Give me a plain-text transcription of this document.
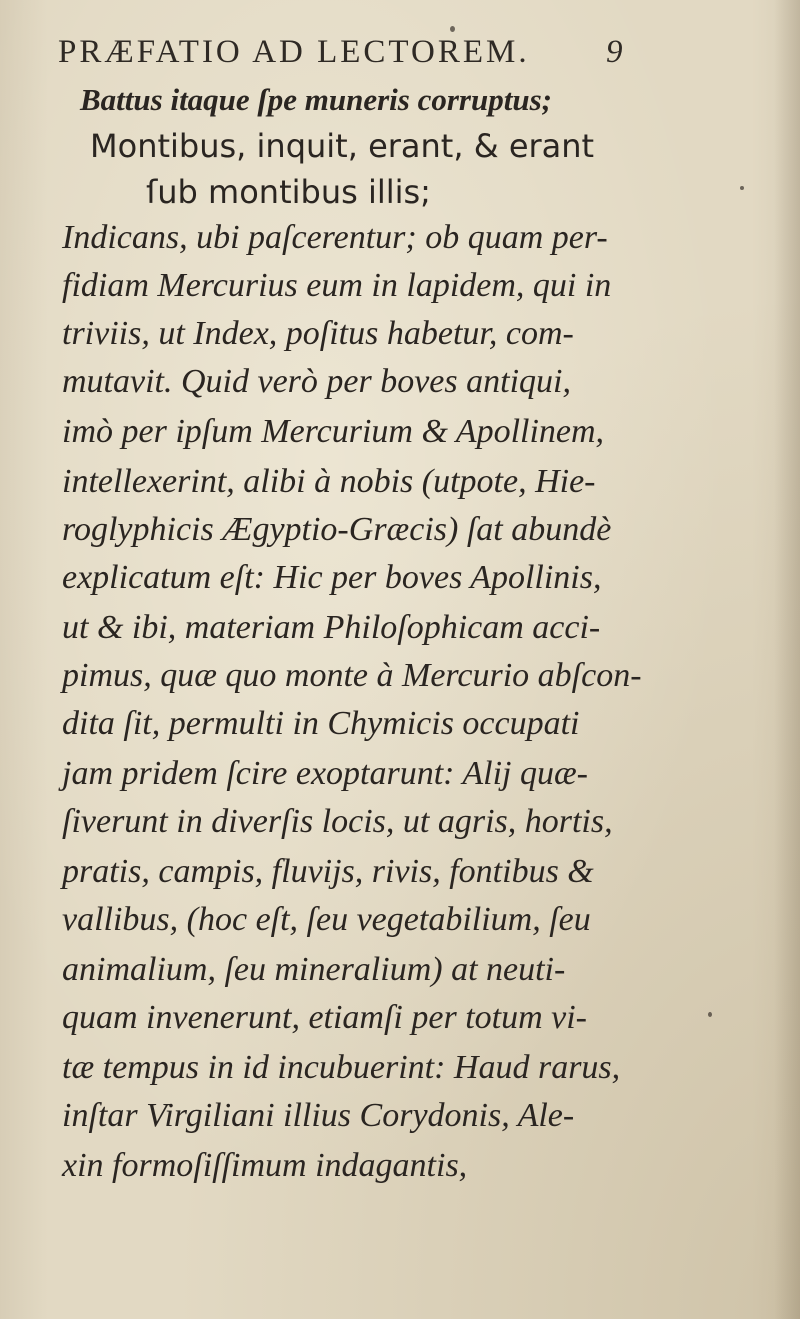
PRÆFATIO AD LECTOREM. 9
Battus itaque ſpe muneris corruptus;
Montibus, inquit, erant, & erant
ſub montibus illis;
Indicans, ubi paſcerentur; ob quam per-
fidiam Mercurius eum in lapidem, qui in
triviis, ut Index, poſitus habetur, com-
mutavit. Quid verò per boves antiqui,
imò per ipſum Mercurium & Apollinem,
intellexerint, alibi à nobis (utpote, Hie-
roglyphicis Ægyptio-Græcis) ſat abundè
explicatum eſt: Hic per boves Apollinis,
ut & ibi, materiam Philoſophicam acci-
pimus, quæ quo monte à Mercurio abſcon-
dita ſit, permulti in Chymicis occupati
jam pridem ſcire exoptarunt: Alij quæ-
ſiverunt in diverſis locis, ut agris, hortis,
pratis, campis, fluvijs, rivis, fontibus &
vallibus, (hoc eſt, ſeu vegetabilium, ſeu
animalium, ſeu mineralium) at neuti-
quam invenerunt, etiamſi per totum vi-
tæ tempus in id incubuerint: Haud rarus,
inſtar Virgiliani illius Corydonis, Ale-
xin formoſiſſimum indagantis,
